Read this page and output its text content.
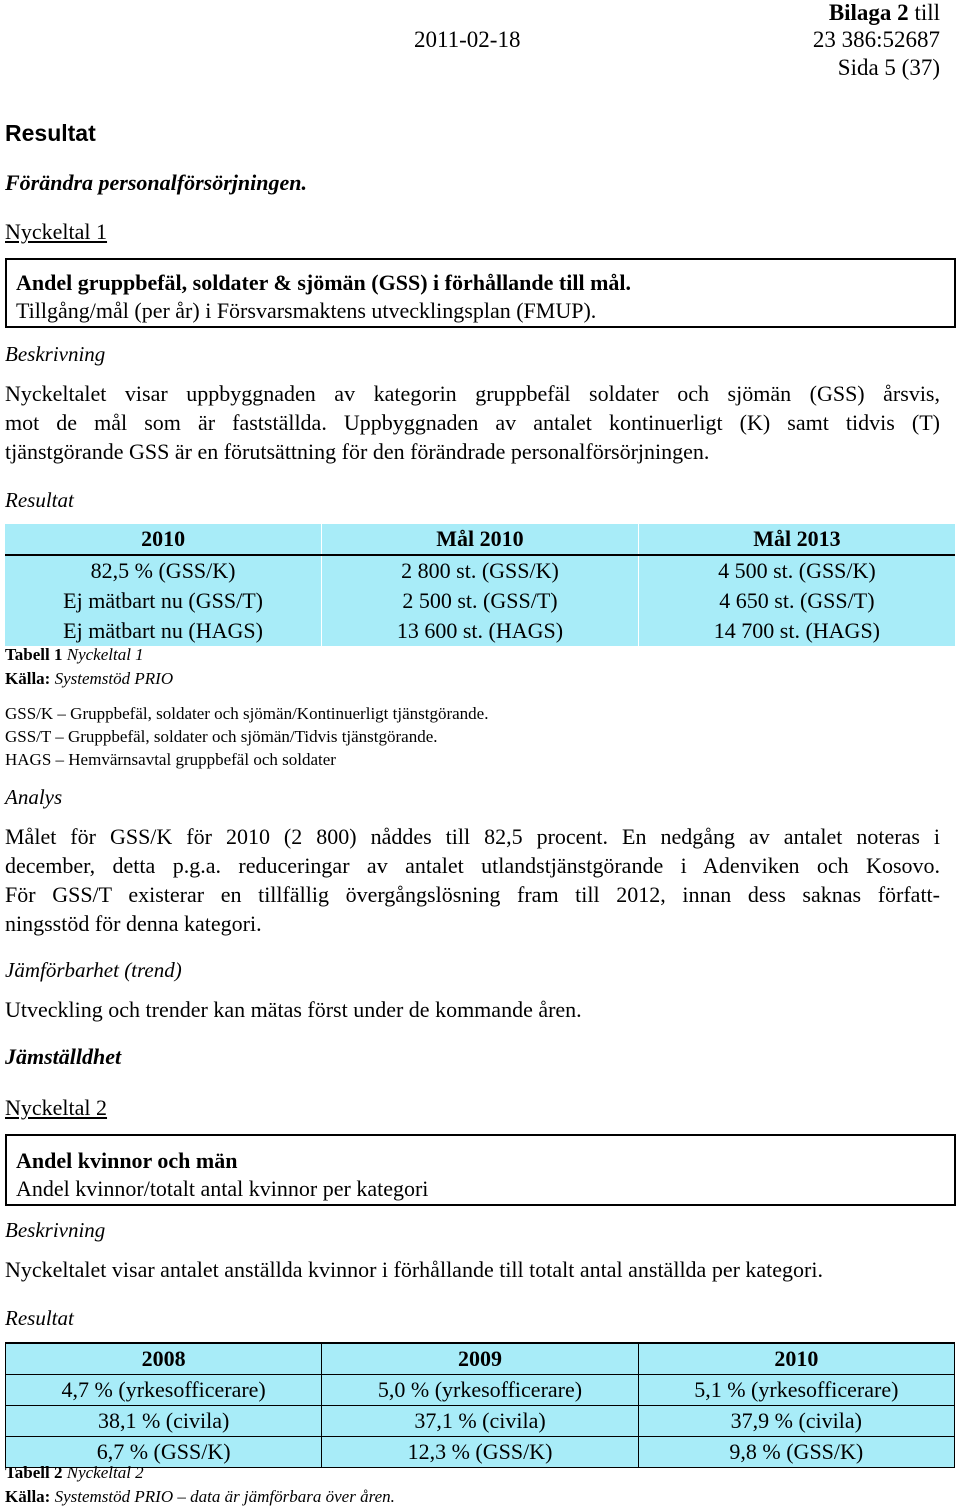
Bilaga 2 till
2011-02-18	23 386:52687
Sida 5 (37)
Resultat
Förändra personalförsörjningen.
Nyckeltal 1
Andel gruppbefäl, soldater & sjömän (GSS) i förhållande till mål.
Tillgång/mål (per år) i Försvarsmaktens utvecklingsplan (FMUP).
Beskrivning
Nyckeltalet visar uppbyggnaden av kategorin gruppbefäl soldater och sjömän (GSS) årsvis,
mot de mål som är fastställda. Uppbyggnaden av antalet kontinuerligt (K) samt tidvis (T)
tjänstgörande GSS är en förutsättning för den förändrade personalförsörjningen.
Resultat
2010	Mål 2010	Mål 2013
82,5 % (GSS/K)	2 800 st. (GSS/K)	4 500 st. (GSS/K)
Ej mätbart nu (GSS/T)	2 500 st. (GSS/T)	4 650 st. (GSS/T)
Ej mätbart nu (HAGS)	13 600 st. (HAGS)	14 700 st. (HAGS)
Tabell 1 Nyckeltal 1
Källa: Systemstöd PRIO
GSS/K – Gruppbefäl, soldater och sjömän/Kontinuerligt tjänstgörande.
GSS/T – Gruppbefäl, soldater och sjömän/Tidvis tjänstgörande.
HAGS – Hemvärnsavtal gruppbefäl och soldater
Analys
Målet för GSS/K för 2010 (2 800) nåddes till 82,5 procent. En nedgång av antalet noteras i
december, detta p.g.a. reduceringar av antalet utlandstjänstgörande i Adenviken och Kosovo.
För GSS/T existerar en tillfällig övergångslösning fram till 2012, innan dess saknas författ-
ningsstöd för denna kategori.
Jämförbarhet (trend)
Utveckling och trender kan mätas först under de kommande åren.
Jämställdhet
Nyckeltal 2
Andel kvinnor och män
Andel kvinnor/totalt antal kvinnor per kategori
Beskrivning
Nyckeltalet visar antalet anställda kvinnor i förhållande till totalt antal anställda per kategori.
Resultat
2008	2009	2010
4,7 % (yrkesofficerare)	5,0 % (yrkesofficerare)	5,1 % (yrkesofficerare)
38,1 % (civila)	37,1 % (civila)	37,9 % (civila)
6,7 % (GSS/K)	12,3 % (GSS/K)	9,8 % (GSS/K)
Tabell 2 Nyckeltal 2
Källa: Systemstöd PRIO – data är jämförbara över åren.
